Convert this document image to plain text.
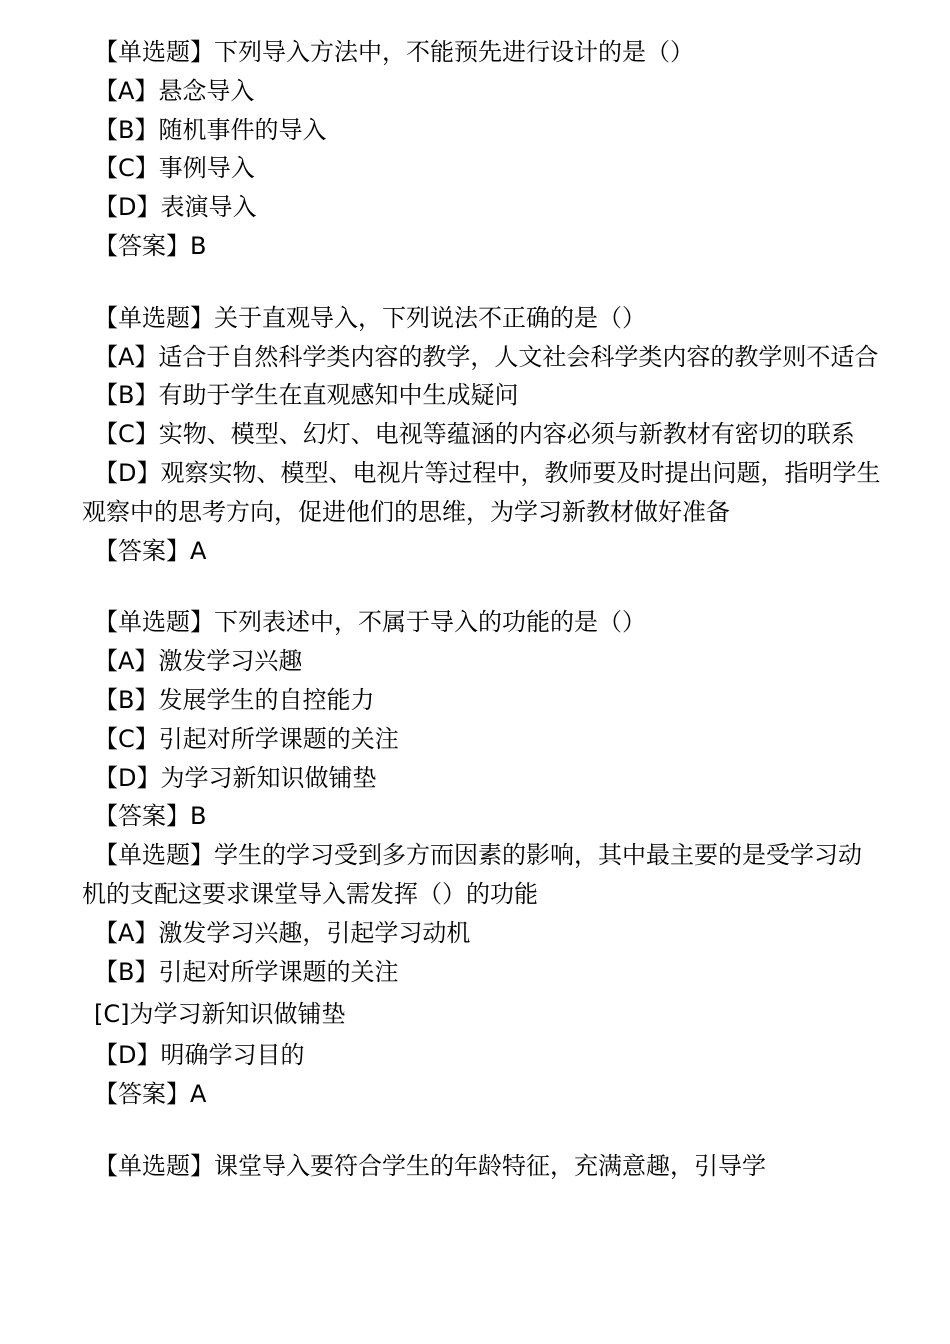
【单选题】下列导入方法中，不能预先进行设计的是（）
【A】悬念导入
【B】随机事件的导入
【C】事例导入
【D】表演导入
【答案】B
【单选题】关于直观导入，下列说法不正确的是（）
【A】适合于自然科学类内容的教学，人文社会科学类内容的教学则不适合
【B】有助于学生在直观感知中生成疑问
【C】实物、模型、幻灯、电视等蕴涵的内容必须与新教材有密切的联系
【D】观察实物、模型、电视片等过程中，教师要及时提出问题，指明学生观察中的思考方向，促进他们的思维，为学习新教材做好准备
【答案】A
【单选题】下列表述中，不属于导入的功能的是（）
【A】激发学习兴趣
【B】发展学生的自控能力
【C】引起对所学课题的关注
【D】为学习新知识做铺垫
【答案】B
【单选题】学生的学习受到多方而因素的影响，其中最主要的是受学习动机的支配这要求课堂导入需发挥（）的功能
【A】激发学习兴趣，引起学习动机
【B】引起对所学课题的关注
[C]为学习新知识做铺垫
【D】明确学习目的
【答案】A
【单选题】课堂导入要符合学生的年龄特征，充满意趣，引导学
